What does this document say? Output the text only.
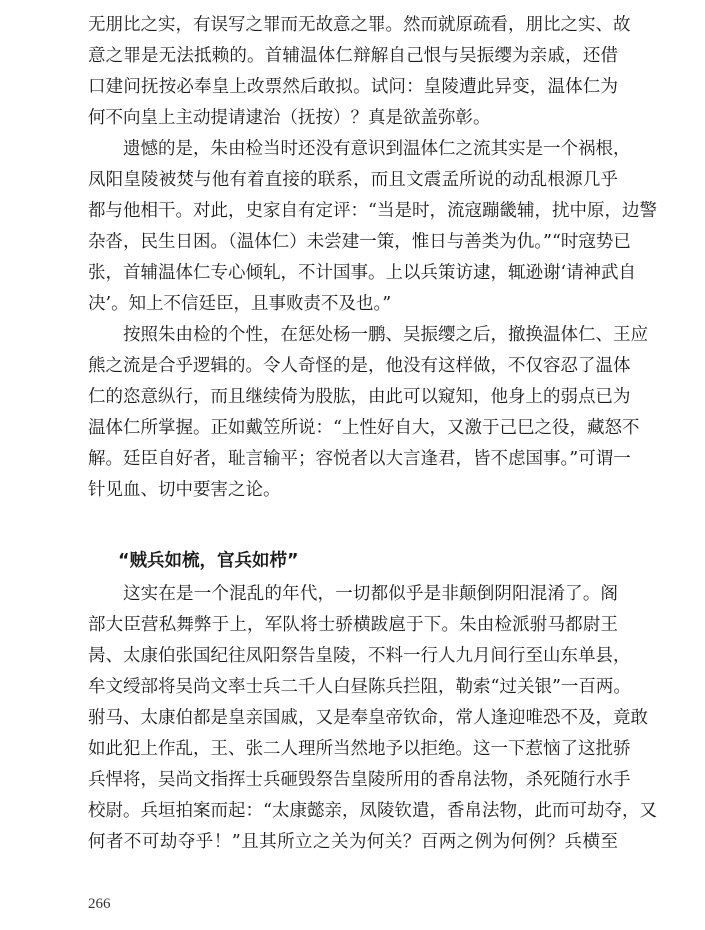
无朋比之实，有误写之罪而无故意之罪。然而就原疏看，朋比之实、故
意之罪是无法抵赖的。首辅温体仁辩解自己恨与吴振缨为亲戚，还借
口建问抚按必奉皇上改票然后敢拟。试问：皇陵遭此异变，温体仁为
何不向皇上主动提请逮治（抚按）？真是欲盖弥彰。
遗憾的是，朱由检当时还没有意识到温体仁之流其实是一个祸根，
凤阳皇陵被焚与他有着直接的联系，而且文震孟所说的动乱根源几乎
都与他相干。对此，史家自有定评：“当是时，流寇蹦畿辅，扰中原，边警
杂沓，民生日困。（温体仁）未尝建一策，惟日与善类为仇。”“时寇势已
张，首辅温体仁专心倾轧，不计国事。上以兵策访逮，辄逊谢‘请神武自
决’。知上不信廷臣，且事败责不及也。”
按照朱由检的个性，在惩处杨一鹏、吴振缨之后，撤换温体仁、王应
熊之流是合乎逻辑的。令人奇怪的是，他没有这样做，不仅容忍了温体
仁的恣意纵行，而且继续倚为股肱，由此可以窥知，他身上的弱点已为
温体仁所掌握。正如戴笠所说：“上性好自大，又激于己巳之役，藏怒不
解。廷臣自好者，耻言输平；容悦者以大言逢君，皆不虑国事。”可谓一
针见血、切中要害之论。
“贼兵如梳，官兵如栉”
这实在是一个混乱的年代，一切都似乎是非颠倒阴阳混淆了。阁
部大臣营私舞弊于上，军队将士骄横跋扈于下。朱由检派驸马都尉王
昺、太康伯张国纪往凤阳祭告皇陵，不料一行人九月间行至山东单县，
牟文绶部将吴尚文率士兵二千人白昼陈兵拦阻，勒索“过关银”一百两。
驸马、太康伯都是皇亲国戚，又是奉皇帝钦命，常人逢迎唯恐不及，竟敢
如此犯上作乱，王、张二人理所当然地予以拒绝。这一下惹恼了这批骄
兵悍将，吴尚文指挥士兵砸毁祭告皇陵所用的香帛法物，杀死随行水手
校尉。兵垣拍案而起：“太康懿亲，凤陵钦遣，香帛法物，此而可劫夺，又
何者不可劫夺乎！”且其所立之关为何关？百两之例为何例？兵横至
266
